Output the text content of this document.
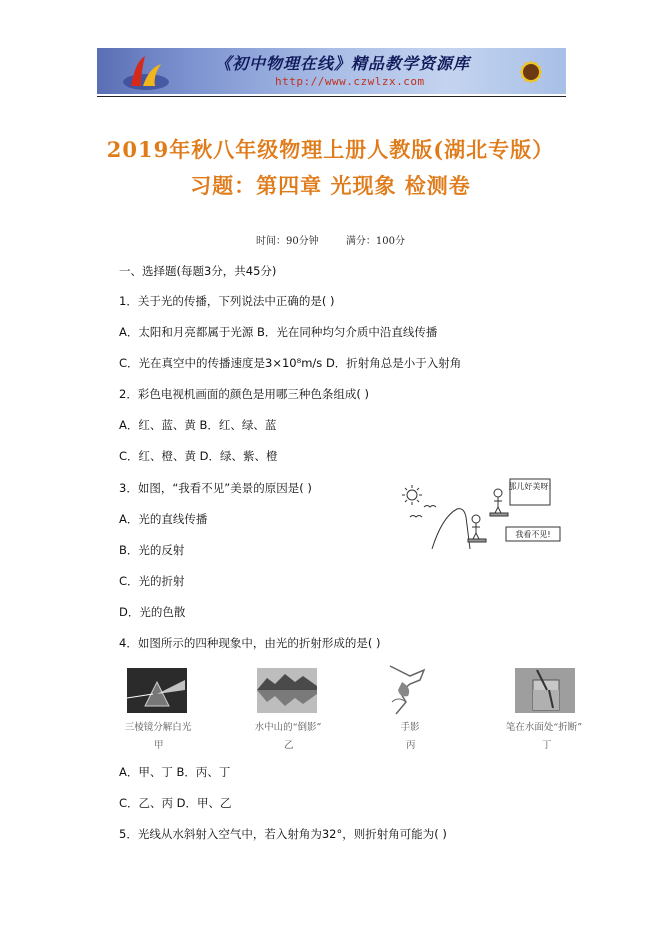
《初中物理在线》精品教学资源库
http://www.czwlzx.com
2019年秋八年级物理上册人教版(湖北专版）
习题：第四章 光现象 检测卷
时间：90分钟	满分：100分
一、选择题(每题3分，共45分)
1．关于光的传播，下列说法中正确的是( )
A．太阳和月亮都属于光源 B．光在同种均匀介质中沿直线传播
C．光在真空中的传播速度是3×10⁸m/s D．折射角总是小于入射角
2．彩色电视机画面的颜色是用哪三种色条组成( )
A．红、蓝、黄 B．红、绿、蓝
C．红、橙、黄 D．绿、紫、橙
3．如图，“我看不见”美景的原因是( )
A．光的直线传播
B．光的反射
C．光的折射
D．光的色散
4．如图所示的四种现象中，由光的折射形成的是( )
A．甲、丁 B．丙、丁
C．乙、丙 D．甲、乙
5．光线从水斜射入空气中，若入射角为32°，则折射角可能为( )
那儿好美呀!
我看不见!
三棱镜分解白光
甲
水中山的“倒影”
乙
手影
丙
笔在水面处“折断”
丁
